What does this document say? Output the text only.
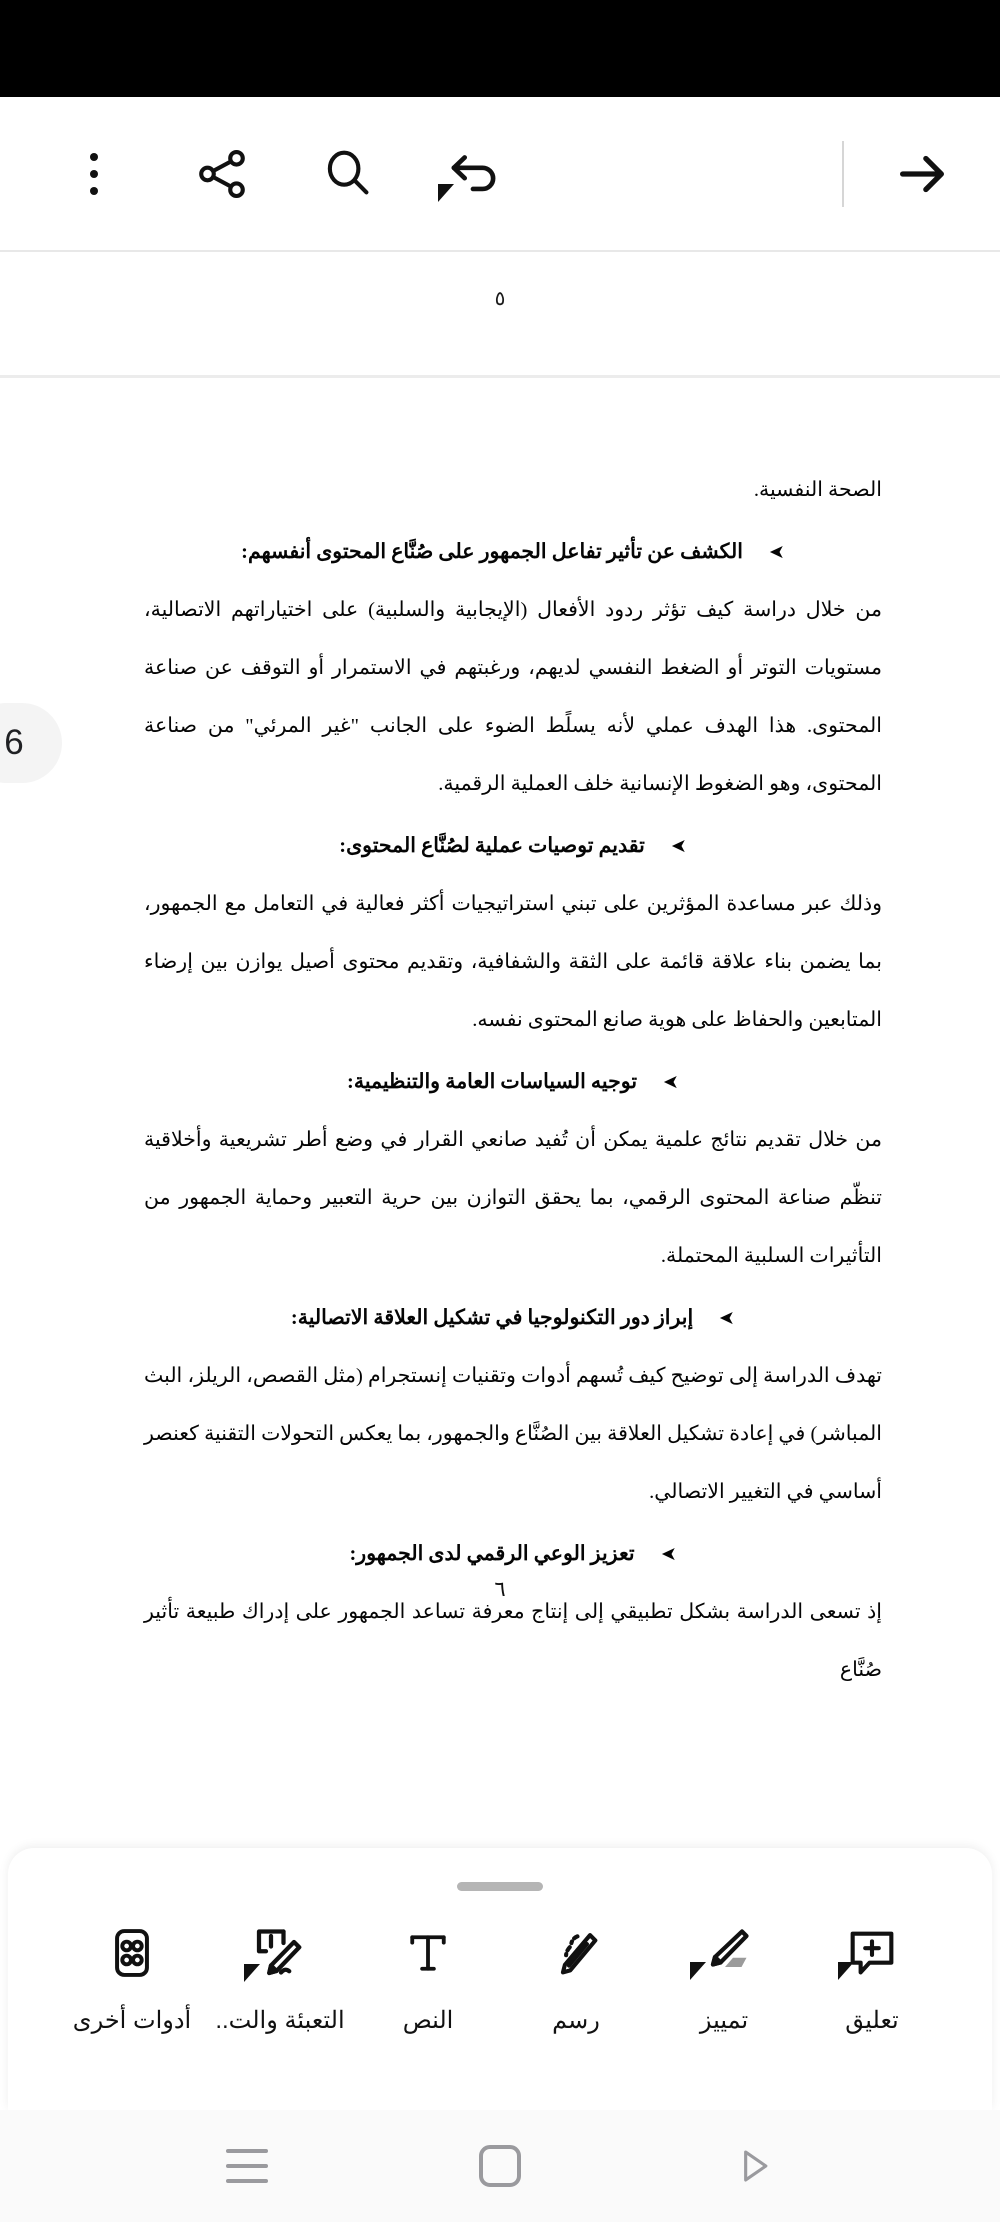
٥
6

الصحة النفسية.

➤الكشف عن تأثير تفاعل الجمهور على صُنَّاع المحتوى أنفسهم:

من خلال دراسة كيف تؤثر ردود الأفعال (الإيجابية والسلبية) على اختياراتهم الاتصالية، مستويات التوتر أو الضغط النفسي لديهم، ورغبتهم في الاستمرار أو التوقف عن صناعة المحتوى. هذا الهدف عملي لأنه يسلًط الضوء على الجانب "غير المرئي" من صناعة المحتوى، وهو الضغوط الإنسانية خلف العملية الرقمية.

➤تقديم توصيات عملية لصُنَّاع المحتوى:

وذلك عبر مساعدة المؤثرين على تبني استراتيجيات أكثر فعالية في التعامل مع الجمهور، بما يضمن بناء علاقة قائمة على الثقة والشفافية، وتقديم محتوى أصيل يوازن بين إرضاء المتابعين والحفاظ على هوية صانع المحتوى نفسه.

➤توجيه السياسات العامة والتنظيمية:

من خلال تقديم نتائج علمية يمكن أن تُفيد صانعي القرار في وضع أطر تشريعية وأخلاقية تنظّم صناعة المحتوى الرقمي، بما يحقق التوازن بين حرية التعبير وحماية الجمهور من التأثيرات السلبية المحتملة.

➤إبراز دور التكنولوجيا في تشكيل العلاقة الاتصالية:

تهدف الدراسة إلى توضيح كيف تُسهم أدوات وتقنيات إنستجرام (مثل القصص، الريلز، البث المباشر) في إعادة تشكيل العلاقة بين الصُنَّاع والجمهور، بما يعكس التحولات التقنية كعنصر أساسي في التغيير الاتصالي.

➤تعزيز الوعي الرقمي لدى الجمهور:

إذ تسعى الدراسة بشكل تطبيقي إلى إنتاج معرفة تساعد الجمهور على إدراك طبيعة تأثير صُنَّاع

٦
تعليق
تمييز
رسم
النص
التعبئة والت..
أدوات أخرى
